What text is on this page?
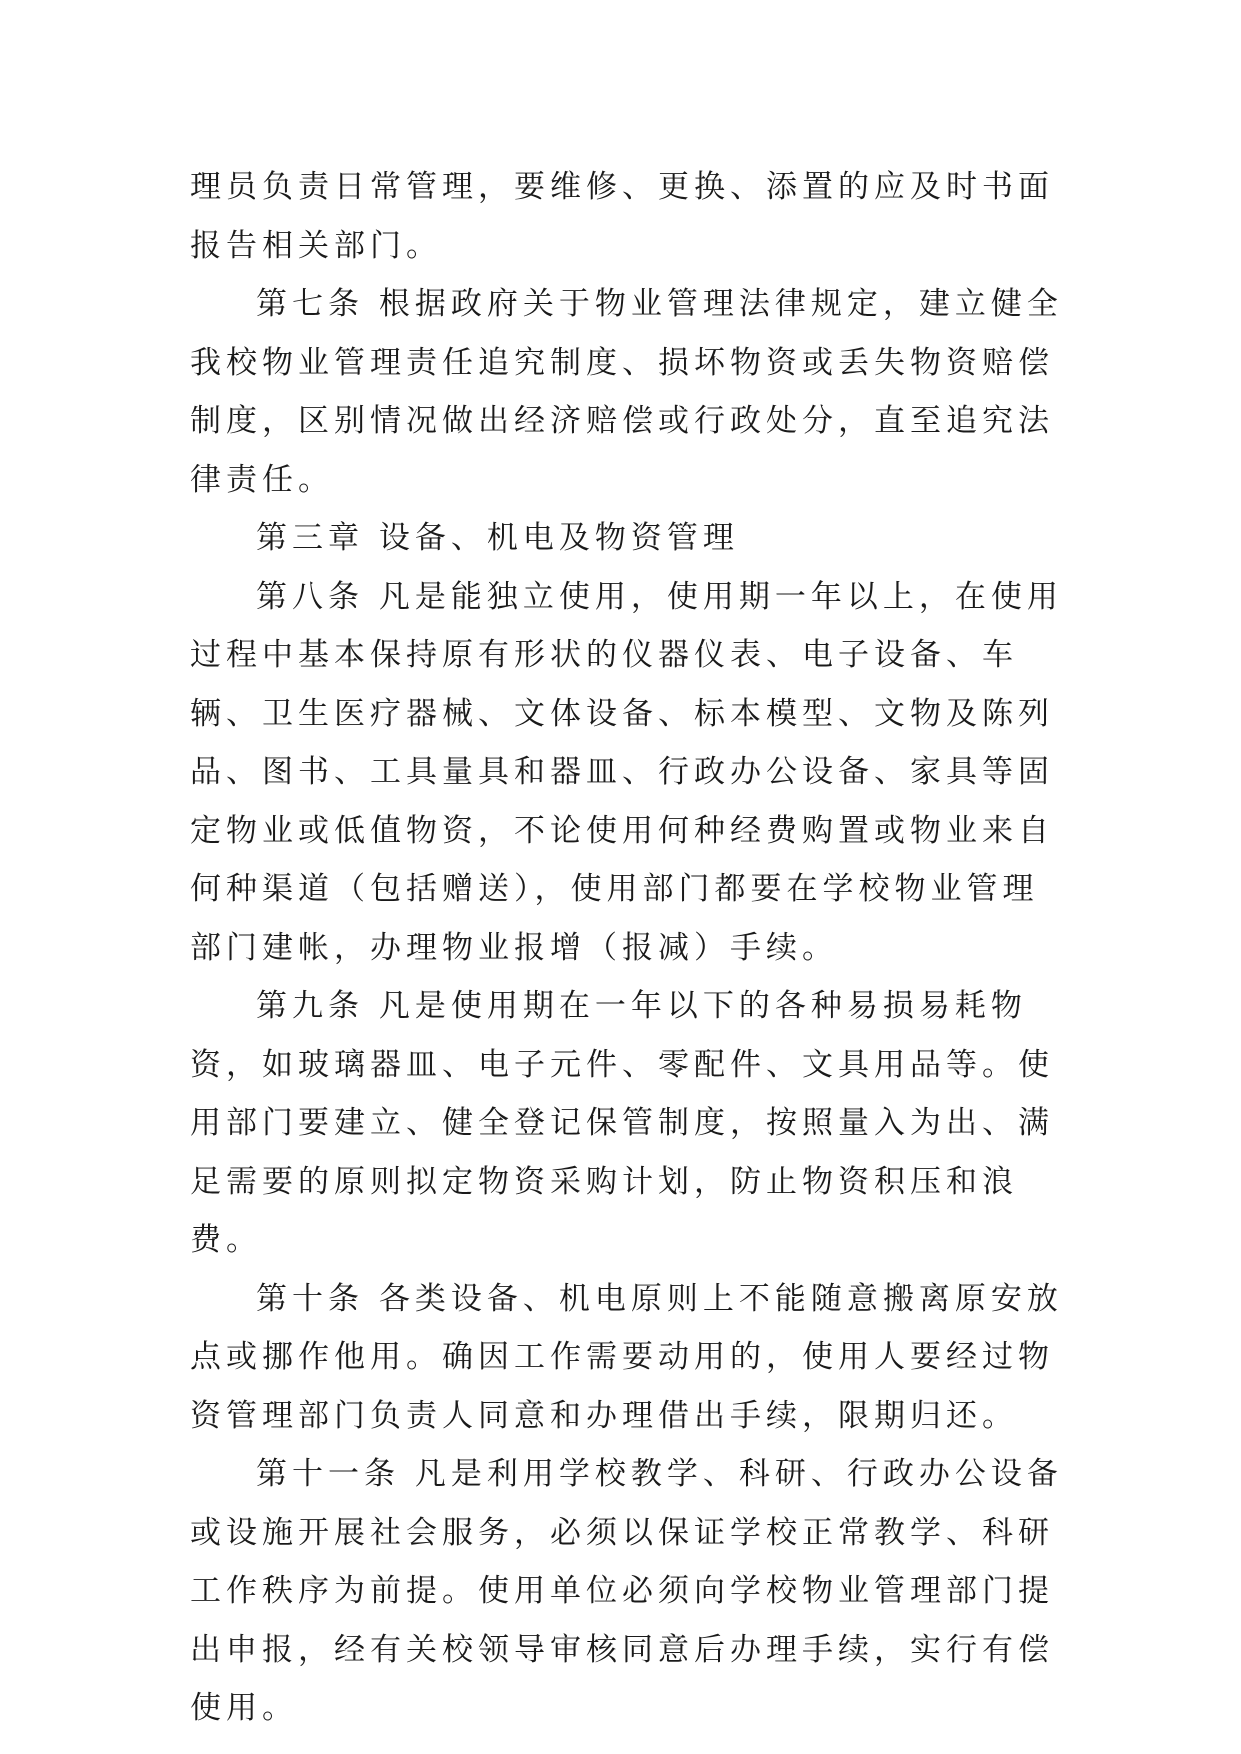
理员负责日常管理，要维修、更换、添置的应及时书面报告相关部门。

第七条 根据政府关于物业管理法律规定，建立健全我校物业管理责任追究制度、损坏物资或丢失物资赔偿制度，区别情况做出经济赔偿或行政处分，直至追究法律责任。

第三章 设备、机电及物资管理

第八条 凡是能独立使用，使用期一年以上，在使用过程中基本保持原有形状的仪器仪表、电子设备、车辆、卫生医疗器械、文体设备、标本模型、文物及陈列品、图书、工具量具和器皿、行政办公设备、家具等固定物业或低值物资，不论使用何种经费购置或物业来自何种渠道（包括赠送），使用部门都要在学校物业管理部门建帐，办理物业报增（报减）手续。

第九条 凡是使用期在一年以下的各种易损易耗物资，如玻璃器皿、电子元件、零配件、文具用品等。使用部门要建立、健全登记保管制度，按照量入为出、满足需要的原则拟定物资采购计划，防止物资积压和浪费。

第十条 各类设备、机电原则上不能随意搬离原安放点或挪作他用。确因工作需要动用的，使用人要经过物资管理部门负责人同意和办理借出手续，限期归还。

第十一条 凡是利用学校教学、科研、行政办公设备或设施开展社会服务，必须以保证学校正常教学、科研工作秩序为前提。使用单位必须向学校物业管理部门提出申报，经有关校领导审核同意后办理手续，实行有偿使用。
